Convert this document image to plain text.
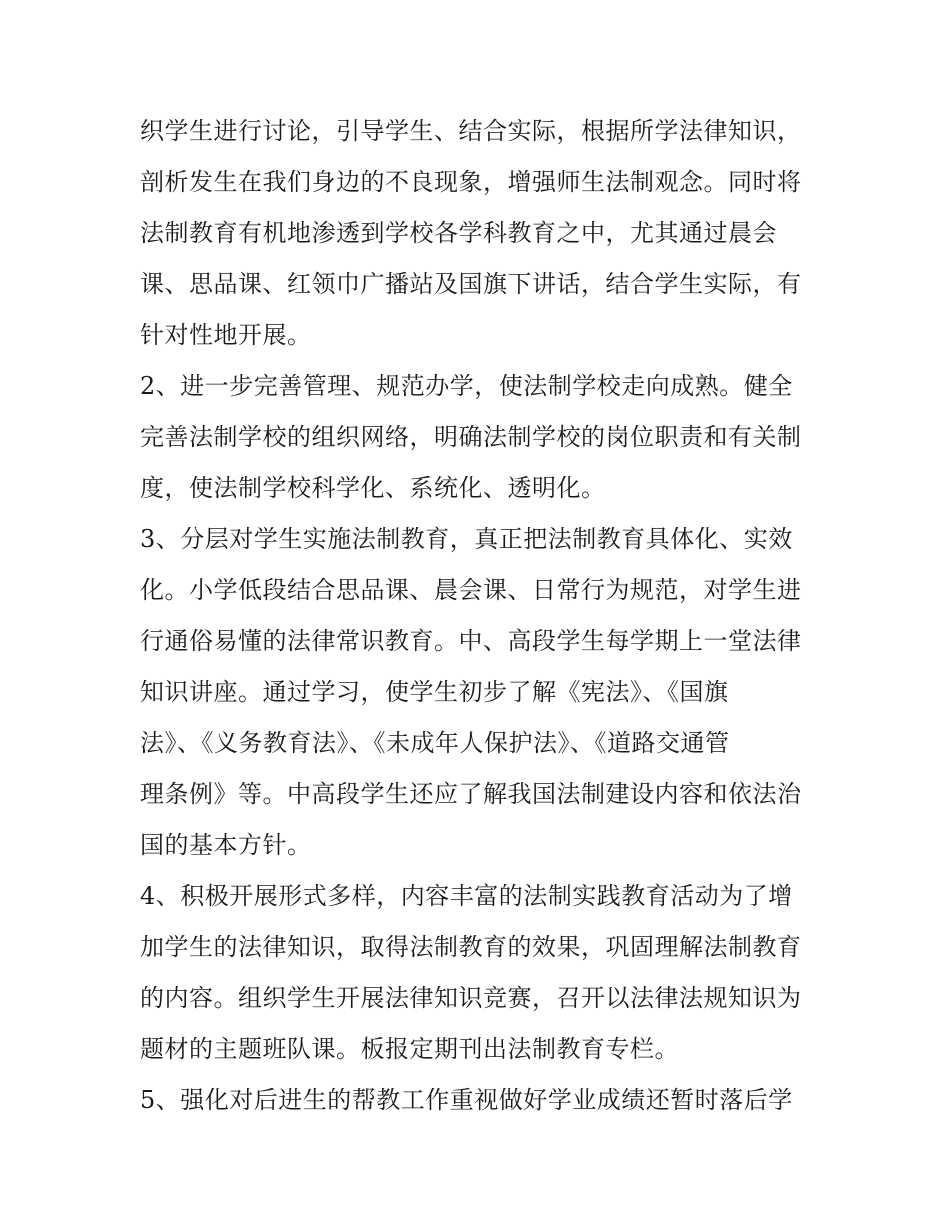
织学生进行讨论，引导学生、结合实际，根据所学法律知识，
剖析发生在我们身边的不良现象，增强师生法制观念。同时将
法制教育有机地渗透到学校各学科教育之中，尤其通过晨会
课、思品课、红领巾广播站及国旗下讲话，结合学生实际，有
针对性地开展。
2、进一步完善管理、规范办学，使法制学校走向成熟。健全
完善法制学校的组织网络，明确法制学校的岗位职责和有关制
度，使法制学校科学化、系统化、透明化。
3、分层对学生实施法制教育，真正把法制教育具体化、实效
化。小学低段结合思品课、晨会课、日常行为规范，对学生进
行通俗易懂的法律常识教育。中、高段学生每学期上一堂法律
知识讲座。通过学习，使学生初步了解《宪法》、《国旗
法》、《义务教育法》、《未成年人保护法》、《道路交通管
理条例》等。中高段学生还应了解我国法制建设内容和依法治
国的基本方针。
4、积极开展形式多样，内容丰富的法制实践教育活动为了增
加学生的法律知识，取得法制教育的效果，巩固理解法制教育
的内容。组织学生开展法律知识竞赛，召开以法律法规知识为
题材的主题班队课。板报定期刊出法制教育专栏。
5、强化对后进生的帮教工作重视做好学业成绩还暂时落后学
